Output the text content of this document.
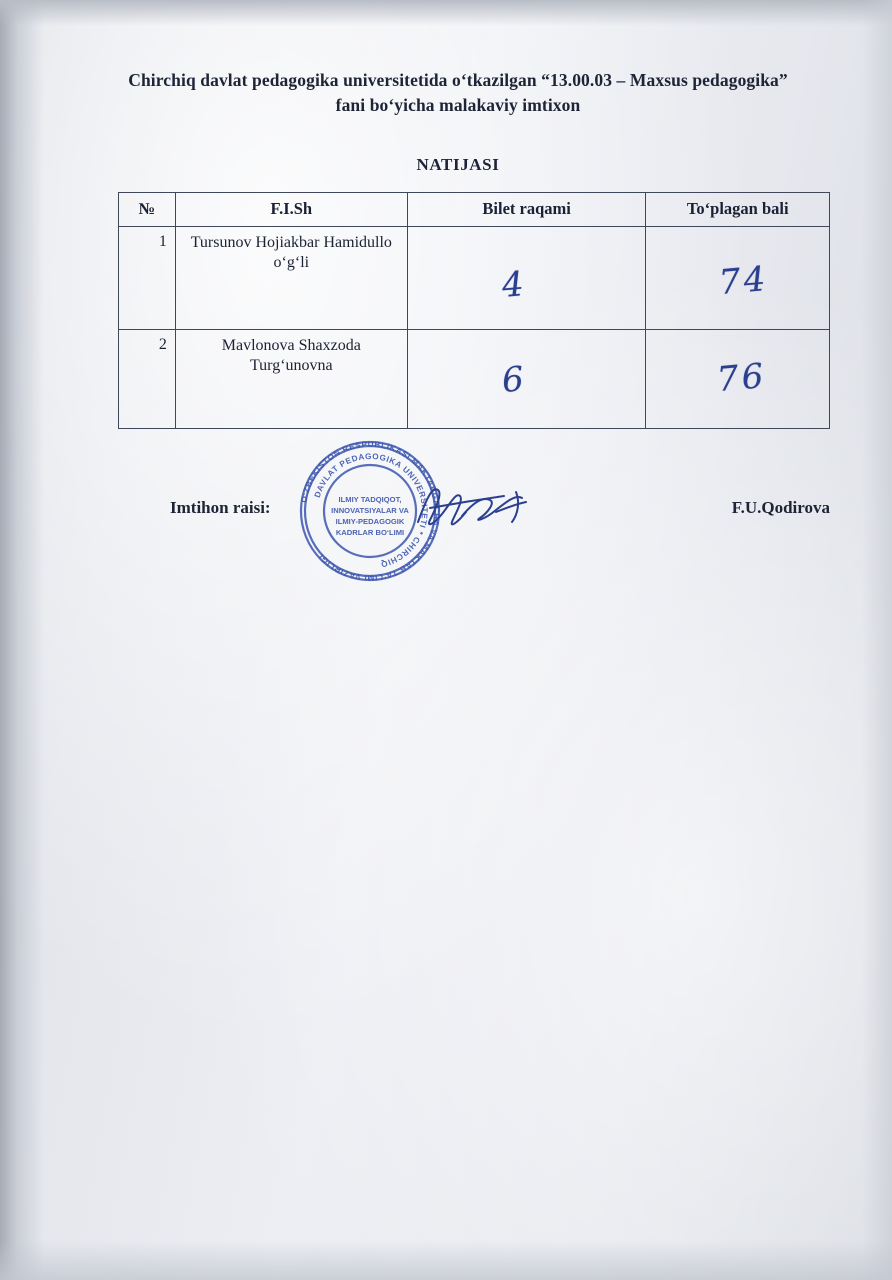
Chirchiq davlat pedagogika universitetida o‘tkazilgan “13.00.03 – Maxsus pedagogika” fani bo‘yicha malakaviy imtixon
NATIJASI
№	F.I.Sh	Bilet raqami	To‘plagan bali
1	Tursunov Hojiakbar Hamidullo o‘g‘li	4	74
2	Mavlonova Shaxzoda Turg‘unovna	6	76
Imtihon raisi:	F.U.Qodirova
O‘ZBEKISTON RESPUBLIKASI MAKTABGACHA VA MAKTAB TA’LIMI VAZIRLIGI
DAVLAT PEDAGOGIKA UNIVERSITETI * CHIRCHIQ
ILMIY TADQIQOT,
INNOVATSIYALAR VA
ILMIY-PEDAGOGIK
KADRLAR BO‘LIMI
